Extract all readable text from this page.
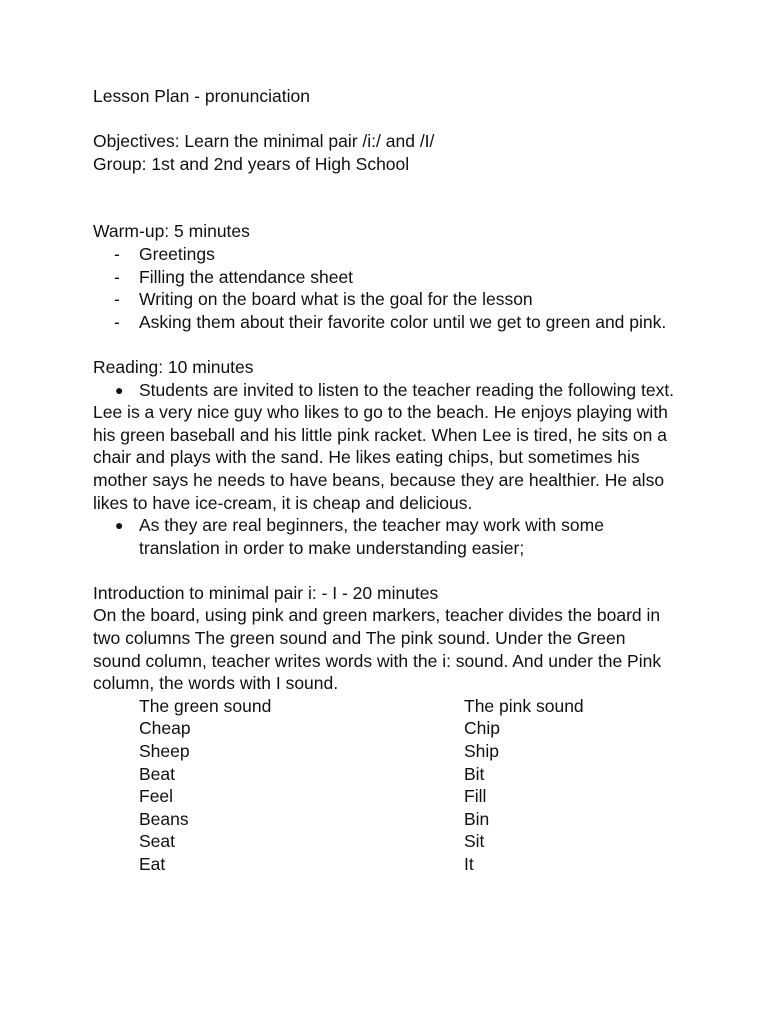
Lesson Plan - pronunciation
Objectives: Learn the minimal pair /i:/ and /I/
Group: 1st and 2nd years of High School
Warm-up: 5 minutes
- Greetings
- Filling the attendance sheet
- Writing on the board what is the goal for the lesson
- Asking them about their favorite color until we get to green and pink.
Reading: 10 minutes
● Students are invited to listen to the teacher reading the following text.
Lee is a very nice guy who likes to go to the beach. He enjoys playing with
his green baseball and his little pink racket. When Lee is tired, he sits on a
chair and plays with the sand. He likes eating chips, but sometimes his
mother says he needs to have beans, because they are healthier. He also
likes to have ice-cream, it is cheap and delicious.
● As they are real beginners, the teacher may work with some
translation in order to make understanding easier;
Introduction to minimal pair i: - I - 20 minutes
On the board, using pink and green markers, teacher divides the board in
two columns The green sound and The pink sound. Under the Green
sound column, teacher writes words with the i: sound. And under the Pink
column, the words with I sound.
The green sound	The pink sound
Cheap	Chip
Sheep	Ship
Beat	Bit
Feel	Fill
Beans	Bin
Seat	Sit
Eat	It
